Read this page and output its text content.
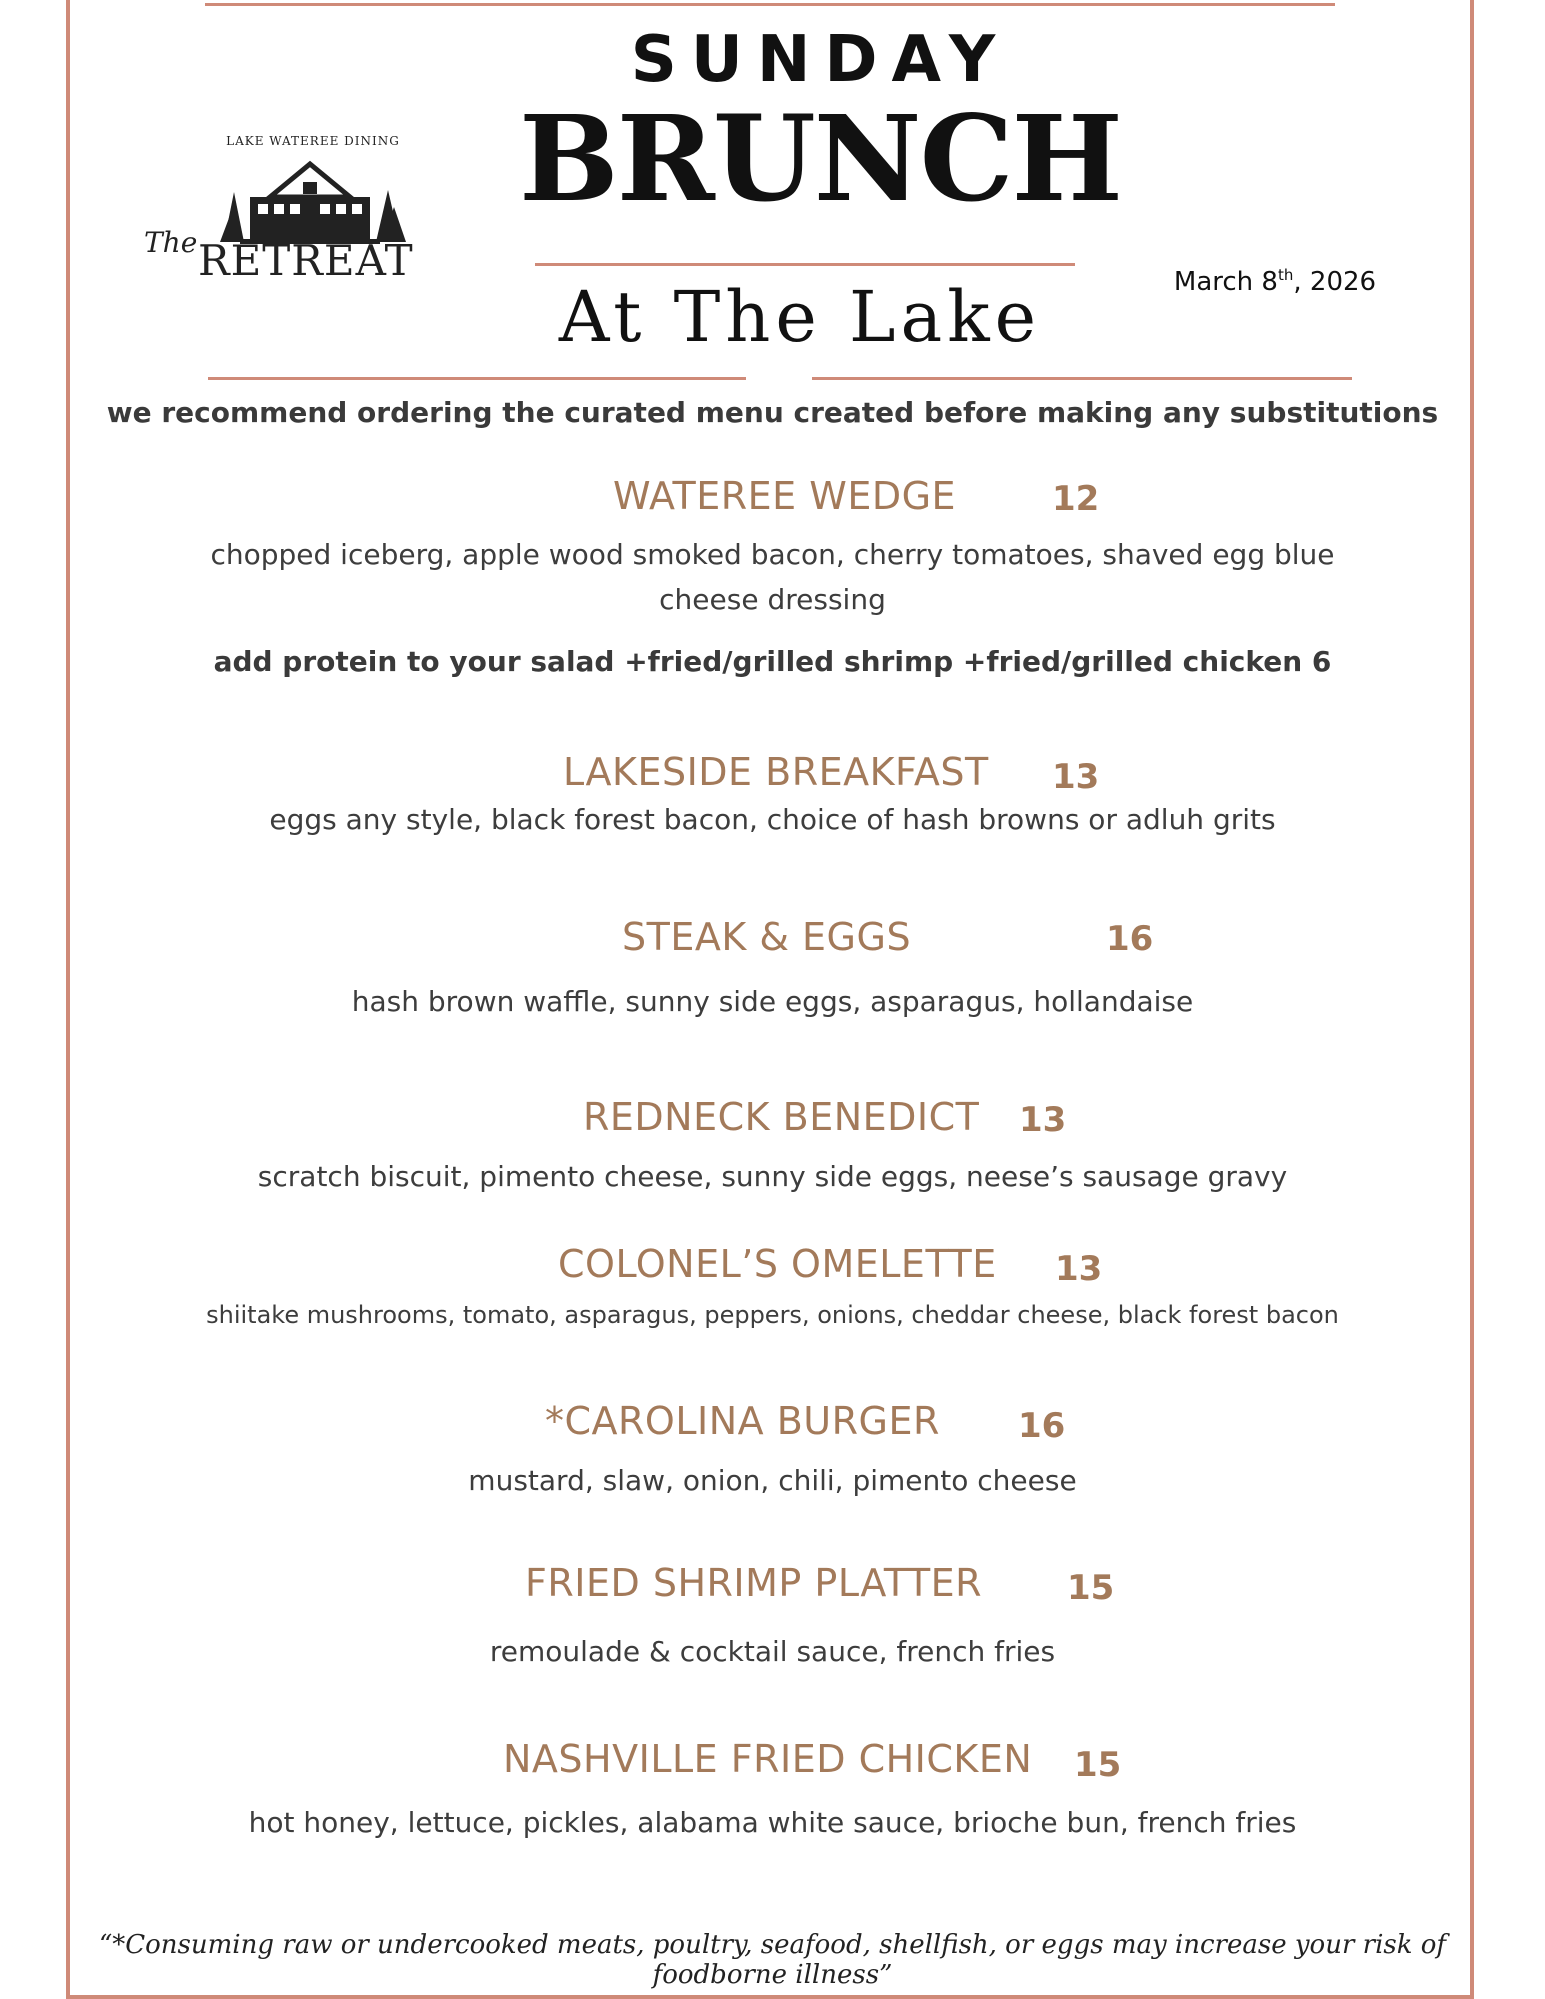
LAKE WATEREE DINING
The RETREAT
SUNDAY
BRUNCH
At The Lake	March 8th, 2026
we recommend ordering the curated menu created before making any substitutions
WATEREE WEDGE	12
chopped iceberg, apple wood smoked bacon, cherry tomatoes, shaved egg blue cheese dressing
add protein to your salad +fried/grilled shrimp +fried/grilled chicken 6
LAKESIDE BREAKFAST 13
eggs any style, black forest bacon, choice of hash browns or adluh grits
STEAK & EGGS	16
hash brown waffle, sunny side eggs, asparagus, hollandaise
REDNECK BENEDICT 13
scratch biscuit, pimento cheese, sunny side eggs, neese’s sausage gravy
COLONEL’S OMELETTE 13
shiitake mushrooms, tomato, asparagus, peppers, onions, cheddar cheese, black forest bacon
*CAROLINA BURGER 16
mustard, slaw, onion, chili, pimento cheese
FRIED SHRIMP PLATTER 15
remoulade & cocktail sauce, french fries
NASHVILLE FRIED CHICKEN 15
hot honey, lettuce, pickles, alabama white sauce, brioche bun, french fries
“*Consuming raw or undercooked meats, poultry, seafood, shellfish, or eggs may increase your risk of foodborne illness”
